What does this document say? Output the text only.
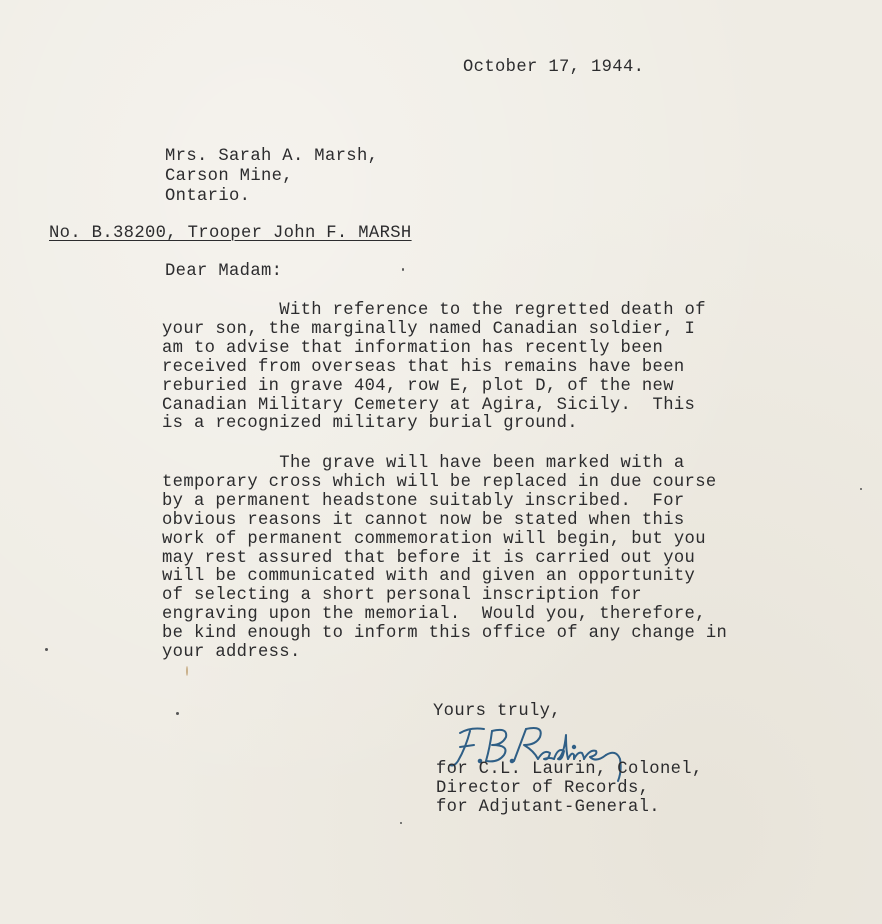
October 17, 1944.
Mrs. Sarah A. Marsh,
Carson Mine,
Ontario.
No. B.38200, Trooper John F. MARSH
Dear Madam:
With reference to the regretted death of
your son, the marginally named Canadian soldier, I
am to advise that information has recently been
received from overseas that his remains have been
reburied in grave 404, row E, plot D, of the new
Canadian Military Cemetery at Agira, Sicily.  This
is a recognized military burial ground.
The grave will have been marked with a
temporary cross which will be replaced in due course
by a permanent headstone suitably inscribed.  For
obvious reasons it cannot now be stated when this
work of permanent commemoration will begin, but you
may rest assured that before it is carried out you
will be communicated with and given an opportunity
of selecting a short personal inscription for
engraving upon the memorial.  Would you, therefore,
be kind enough to inform this office of any change in
your address.
Yours truly,
for C.L. Laurin, Colonel,
Director of Records,
for Adjutant-General.
